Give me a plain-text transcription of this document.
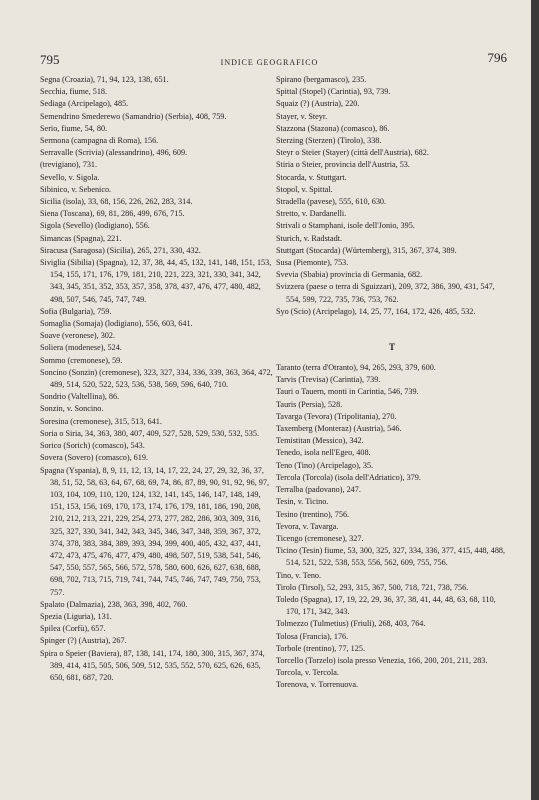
795	INDICE GEOGRAFICO	796
Segna (Croazia), 71, 94, 123, 138, 651.
Secchia, fiume, 518.
Sediaga (Arcipelago), 485.
Semendrino Smederewo (Samandrio) (Serbia), 408, 759.
Serio, fiume, 54, 80.
Sermona (campagna di Roma), 156.
Serravalle (Scrivia) (alessandrino), 496, 609.
(trevigiano), 731.
Sevello, v. Sigola.
Sibinico, v. Sebenico.
Sicilia (isola), 33, 68, 156, 226, 262, 283, 314.
Siena (Toscana), 69, 81, 286, 499, 676, 715.
Sigola (Sevello) (lodigiano), 556.
Simancas (Spagna), 221.
Siracusa (Saragosa) (Sicilia), 265, 271, 330, 432.
Siviglia (Sibilia) (Spagna), 12, 37, 38, 44, 45, 132, 141, 148, 151, 153, 154, 155, 171, 176, 179, 181, 210, 221, 223, 321, 330, 341, 342, 343, 345, 351, 352, 353, 357, 358, 378, 437, 476, 477, 480, 482, 498, 507, 546, 745, 747, 749.
Sofia (Bulgaria), 759.
Somaglia (Somaja) (lodigiano), 556, 603, 641.
Soave (veronese), 302.
Soliera (modenese), 524.
Sommo (cremonese), 59.
Soncino (Sonzin) (cremonese), 323, 327, 334, 336, 339, 363, 364, 472, 489, 514, 520, 522, 523, 536, 538, 569, 596, 640, 710.
Sondrio (Valtellina), 86.
Sonzin, v. Soncino.
Soresina (cremonese), 315, 513, 641.
Soria o Siria, 34, 363, 380, 407, 409, 527, 528, 529, 530, 532, 535.
Sorico (Sorich) (comasco), 543.
Sovera (Sovero) (comasco), 619.
Spagna (Yspania), 8, 9, 11, 12, 13, 14, 17, 22, 24, 27, 29, 32, 36, 37, 38, 51, 52, 58, 63, 64, 67, 68, 69, 74, 86, 87, 89, 90, 91, 92, 96, 97, 103, 104, 109, 110, 120, 124, 132, 141, 145, 146, 147, 148, 149, 151, 153, 156, 169, 170, 173, 174, 176, 179, 181, 186, 190, 208, 210, 212, 213, 221, 229, 254, 273, 277, 282, 286, 303, 309, 316, 325, 327, 330, 341, 342, 343, 345, 346, 347, 348, 359, 367, 372, 374, 378, 383, 384, 389, 393, 394, 399, 400, 405, 432, 437, 441, 472, 473, 475, 476, 477, 479, 480, 498, 507, 519, 538, 541, 546, 547, 550, 557, 565, 566, 572, 578, 580, 600, 626, 627, 638, 688, 698, 702, 713, 715, 719, 741, 744, 745, 746, 747, 749, 750, 753, 757.
Spalato (Dalmazia), 238, 363, 398, 402, 760.
Spezia (Liguria), 131.
Spilea (Corfù), 657.
Spinger (?) (Austria), 267.
Spira o Speier (Baviera), 87, 138, 141, 174, 180, 300, 315, 367, 374, 389, 414, 415, 505, 506, 509, 512, 535, 552, 570, 625, 626, 635, 650, 681, 687, 720.
Spirano (bergamasco), 235.
Spittal (Stopel) (Carintia), 93, 739.
Squaiz (?) (Austria), 220.
Stayer, v. Steyr.
Stazzona (Stazona) (comasco), 86.
Sterzing (Sterzen) (Tirolo), 338.
Steyr o Steier (Stayer) (città dell'Austria), 682.
Stiria o Steier, provincia dell'Austria, 53.
Stocarda, v. Stuttgart.
Stopol, v. Spittal.
Stradella (pavese), 555, 610, 630.
Stretto, v. Dardanelli.
Strivali o Stamphani, isole dell'Jonio, 395.
Sturich, v. Radstadt.
Stuttgart (Stocarda) (Würtemberg), 315, 367, 374, 389.
Susa (Piemonte), 753.
Svevia (Sbabia) provincia di Germania, 682.
Svizzera (paese o terra di Sguizzari), 209, 372, 386, 390, 431, 547, 554, 599, 722, 735, 736, 753, 762.
Syo (Scio) (Arcipelago), 14, 25, 77, 164, 172, 426, 485, 532.
T
Taranto (terra d'Otranto), 94, 265, 293, 379, 600.
Tarvis (Trevisa) (Carintia), 739.
Tauri o Tauern, monti in Carintia, 546, 739.
Tauris (Persia), 528.
Tavarga (Tevora) (Tripolitania), 270.
Taxemberg (Monteraz) (Austria), 546.
Temistitan (Messico), 342.
Tenedo, isola nell'Egeo, 408.
Teno (Tino) (Arcipelago), 35.
Tercola (Torcola) (isola dell'Adriatico), 379.
Terralba (padovano), 247.
Tesin, v. Ticino.
Tesino (trentino), 756.
Tevora, v. Tavarga.
Ticengo (cremonese), 327.
Ticino (Tesin) fiume, 53, 300, 325, 327, 334, 336, 377, 415, 448, 488, 514, 521, 522, 538, 553, 556, 562, 609, 755, 756.
Tino, v. Teno.
Tirolo (Tirsol), 52, 293, 315, 367, 500, 718, 721, 738, 756.
Toledo (Spagna), 17, 19, 22, 29, 36, 37, 38, 41, 44, 48, 63, 68, 110, 170, 171, 342, 343.
Tolmezzo (Tulmetius) (Friuli), 268, 403, 764.
Tolosa (Francia), 176.
Torbole (trentino), 77, 125.
Torcello (Torzelo) isola presso Venezia, 166, 200, 201, 211, 283.
Torcola, v. Tercola.
Torenova, v. Torrenuova.
